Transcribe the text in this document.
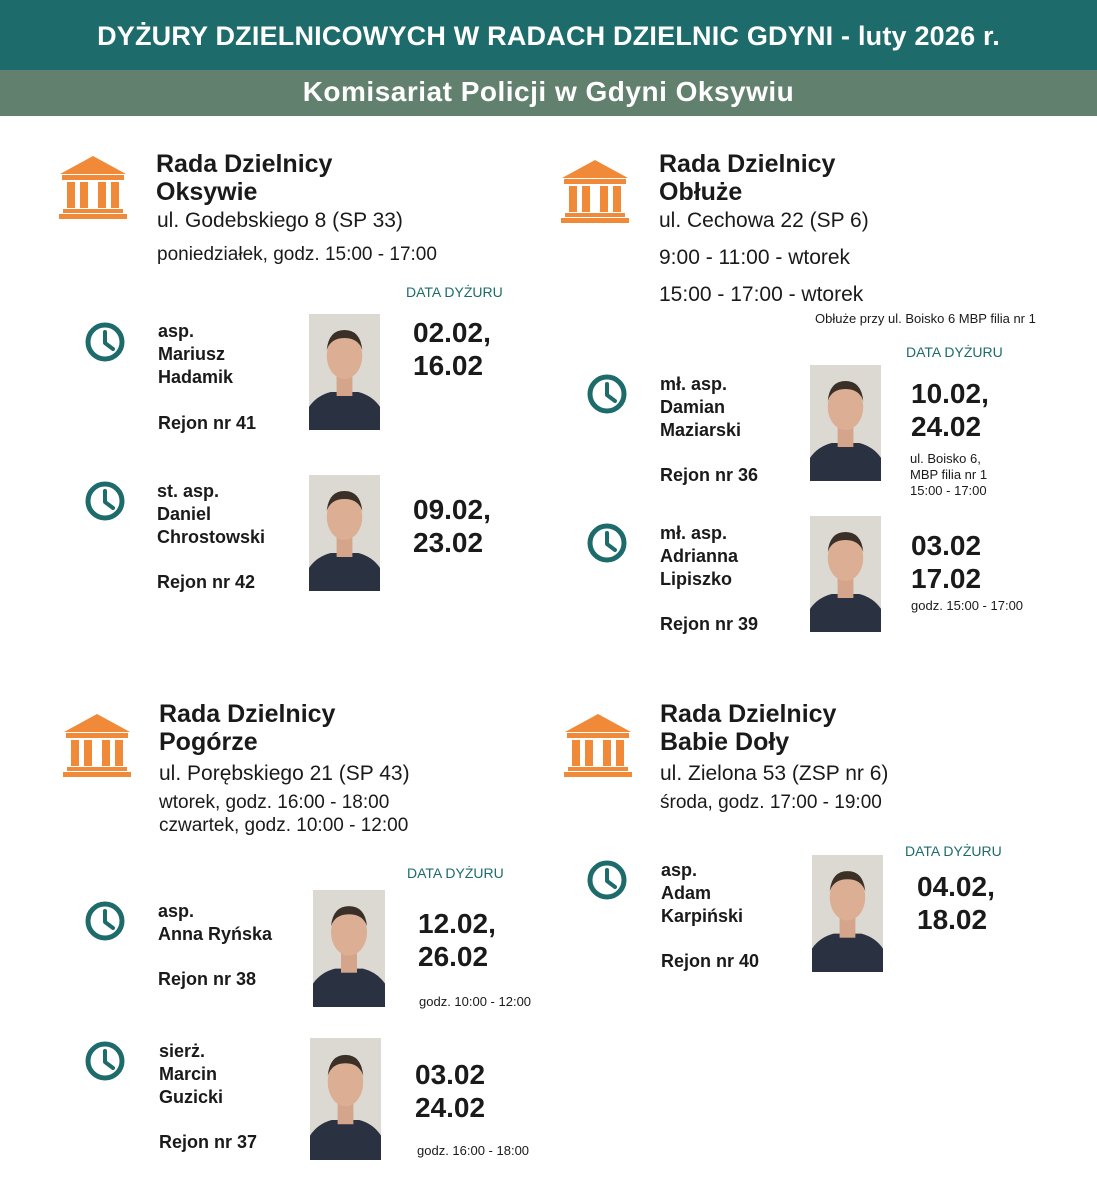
DYŻURY DZIELNICOWYCH W RADACH DZIELNIC GDYNI - luty 2026 r.
Komisariat Policji w Gdyni Oksywiu
Rada Dzielnicy
Oksywie
ul. Godebskiego 8 (SP 33)
poniedziałek, godz. 15:00 - 17:00
DATA DYŻURU
asp.
Mariusz
Hadamik
Rejon nr 41
02.02,
16.02
st. asp.
Daniel
Chrostowski
Rejon nr 42
09.02,
23.02
Rada Dzielnicy
Obłuże
ul. Cechowa 22 (SP 6)
9:00 - 11:00 - wtorek
15:00 - 17:00 - wtorek
Obłuże przy ul. Boisko 6 MBP filia nr 1
DATA DYŻURU
mł. asp.
Damian
Maziarski
Rejon nr 36
10.02,
24.02
ul. Boisko 6,
MBP filia nr 1
15:00 - 17:00
mł. asp.
Adrianna
Lipiszko
Rejon nr 39
03.02
17.02
godz. 15:00 - 17:00
Rada Dzielnicy
Pogórze
ul. Porębskiego 21 (SP 43)
wtorek, godz. 16:00 - 18:00
czwartek, godz. 10:00 - 12:00
DATA DYŻURU
asp.
Anna Ryńska
Rejon nr 38
12.02,
26.02
godz. 10:00 - 12:00
sierż.
Marcin
Guzicki
Rejon nr 37
03.02
24.02
godz. 16:00 - 18:00
Rada Dzielnicy
Babie Doły
ul. Zielona 53 (ZSP nr 6)
środa, godz. 17:00 - 19:00
DATA DYŻURU
asp.
Adam
Karpiński
Rejon nr 40
04.02,
18.02
